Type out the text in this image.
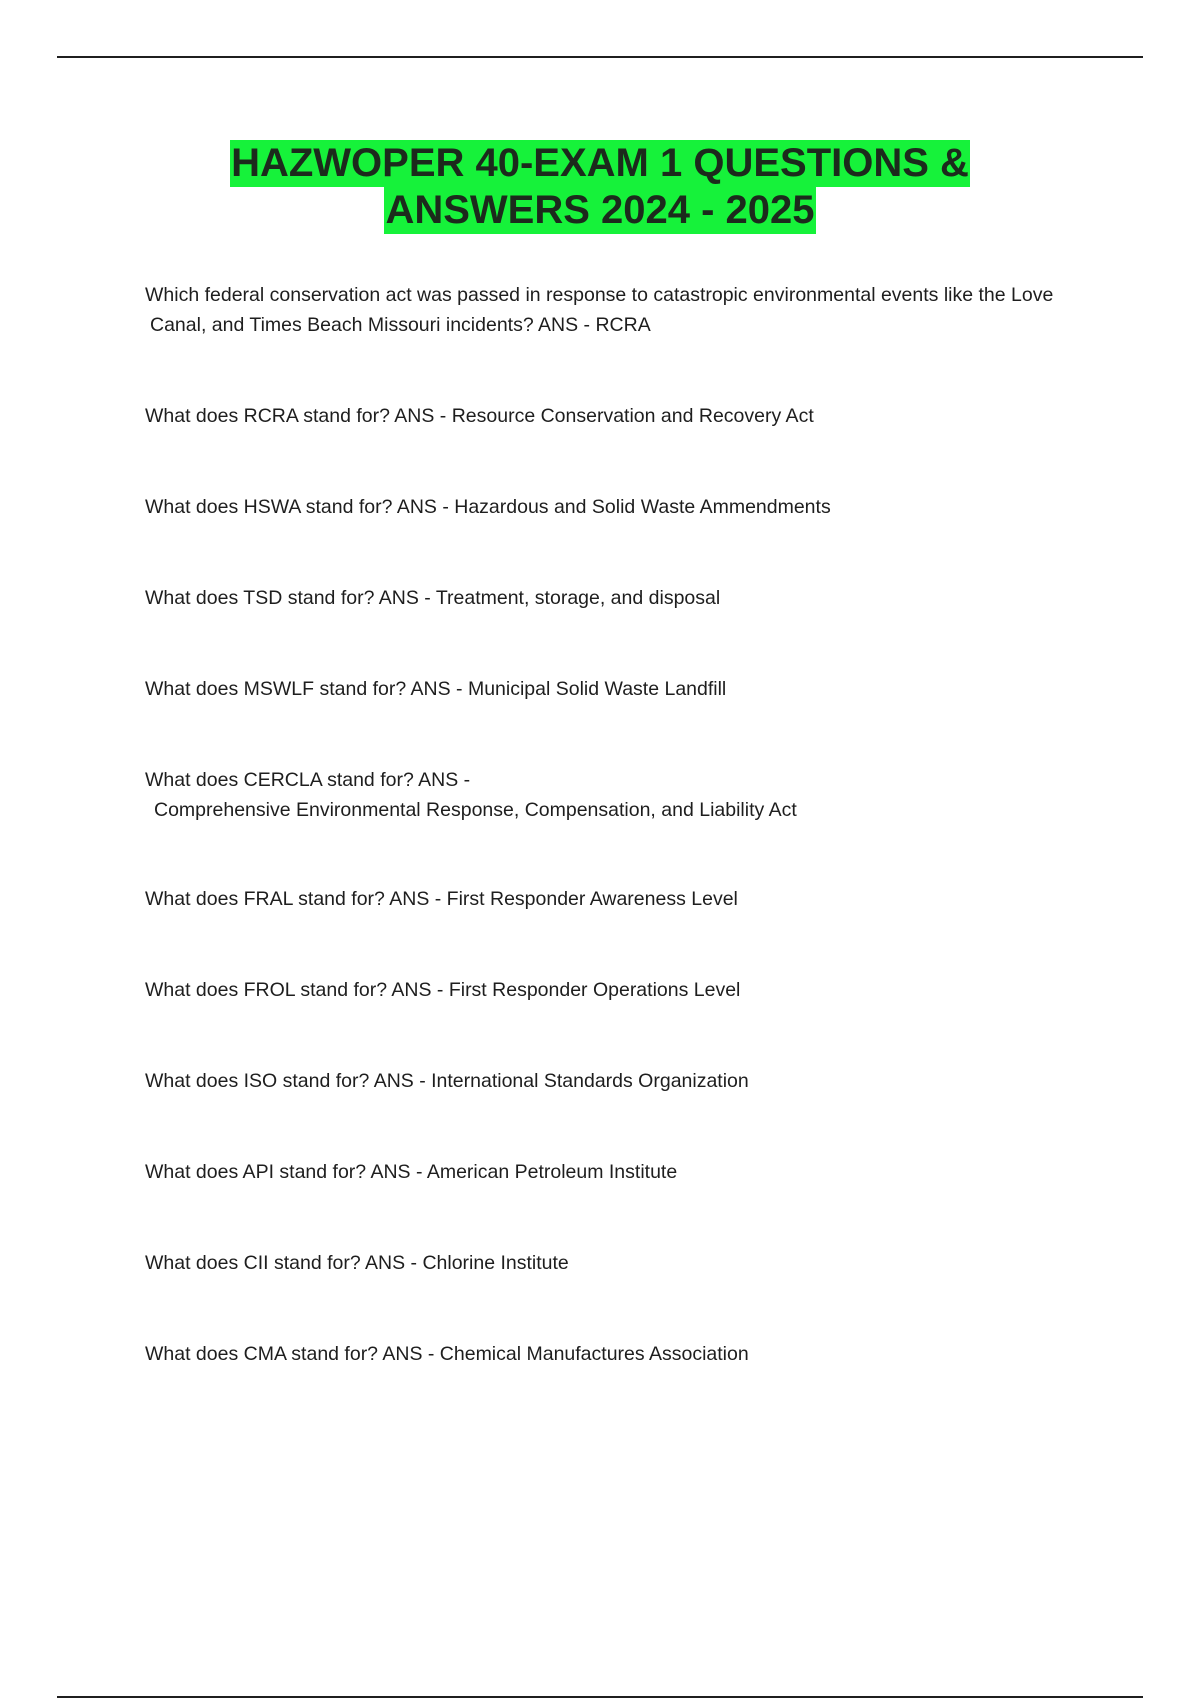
HAZWOPER 40-EXAM 1 QUESTIONS &
ANSWERS 2024 - 2025
Which federal conservation act was passed in response to catastropic environmental events like the Love
Canal, and Times Beach Missouri incidents? ANS - RCRA
What does RCRA stand for? ANS - Resource Conservation and Recovery Act
What does HSWA stand for? ANS - Hazardous and Solid Waste Ammendments
What does TSD stand for? ANS - Treatment, storage, and disposal
What does MSWLF stand for? ANS - Municipal Solid Waste Landfill
What does CERCLA stand for? ANS -
Comprehensive Environmental Response, Compensation, and Liability Act
What does FRAL stand for? ANS - First Responder Awareness Level
What does FROL stand for? ANS - First Responder Operations Level
What does ISO stand for? ANS - International Standards Organization
What does API stand for? ANS - American Petroleum Institute
What does CII stand for? ANS - Chlorine Institute
What does CMA stand for? ANS - Chemical Manufactures Association
